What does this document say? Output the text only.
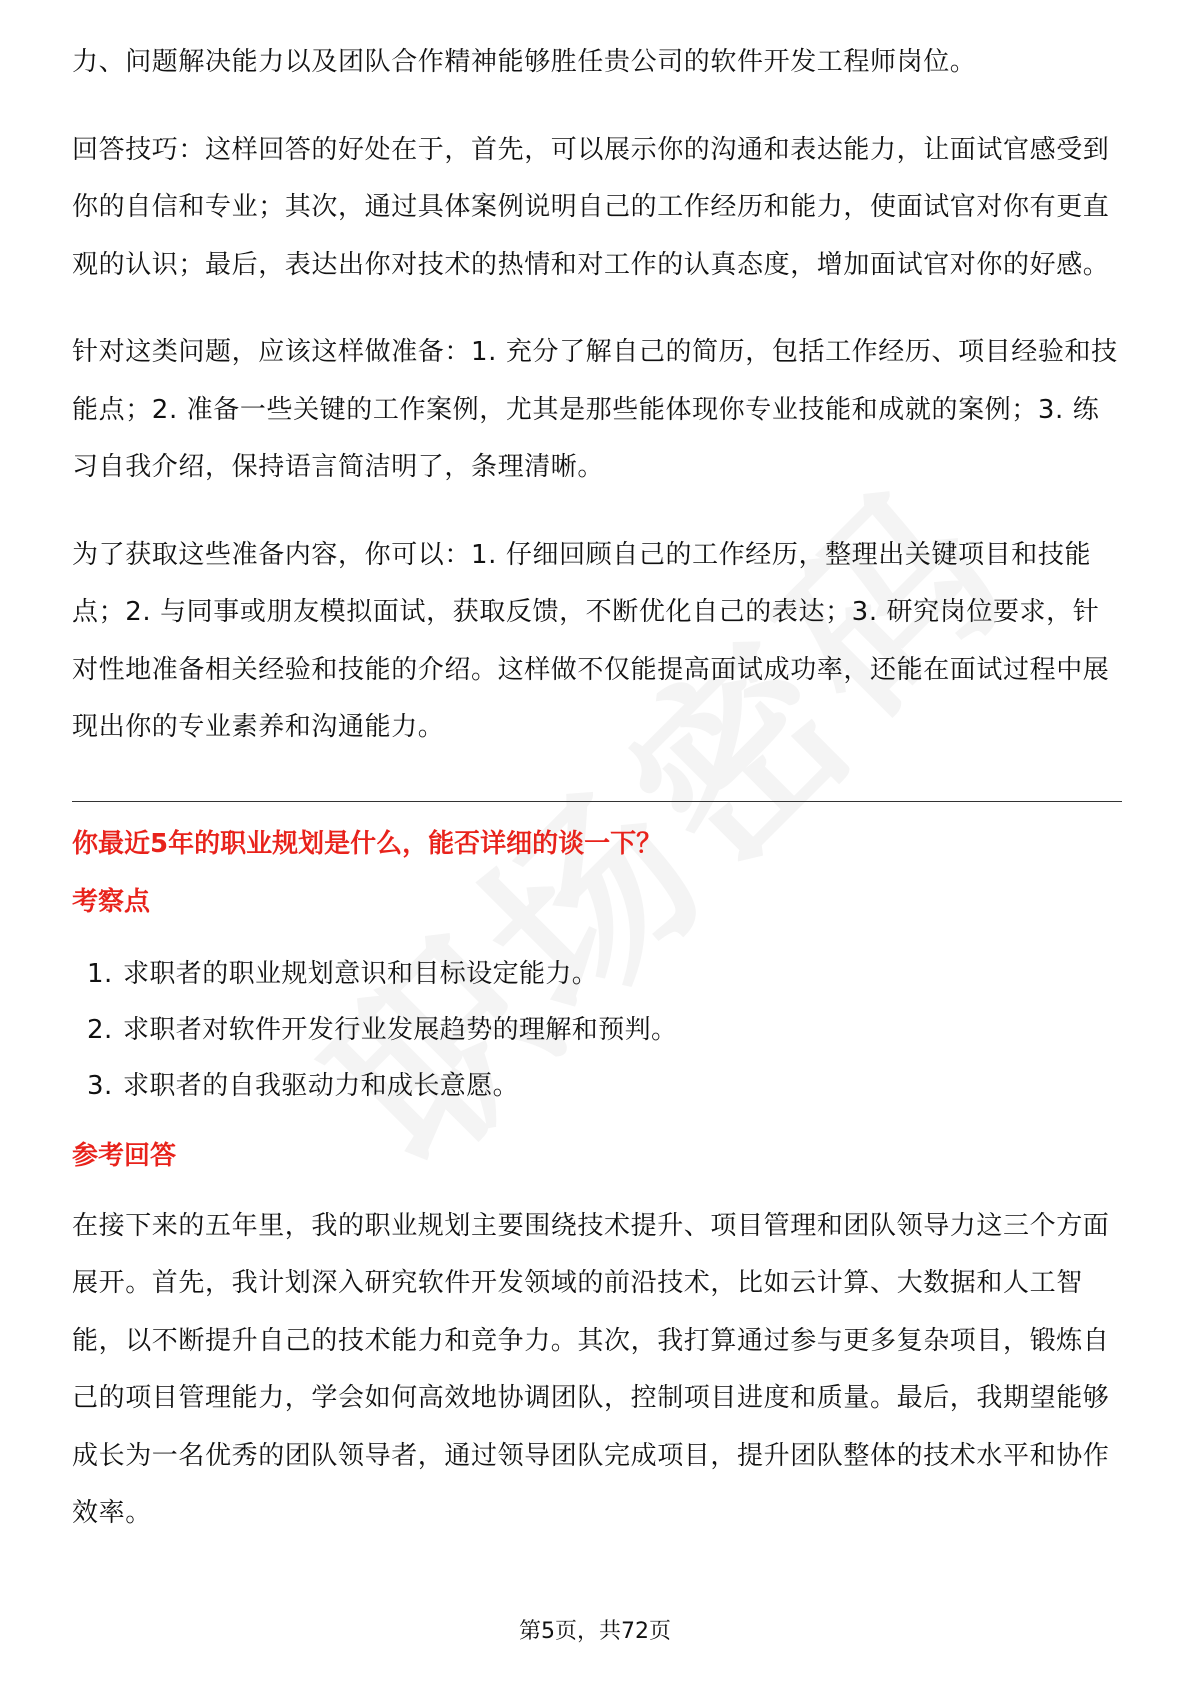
力、问题解决能力以及团队合作精神能够胜任贵公司的软件开发工程师岗位。

回答技巧：这样回答的好处在于，首先，可以展示你的沟通和表达能力，让面试官感受到你的自信和专业；其次，通过具体案例说明自己的工作经历和能力，使面试官对你有更直观的认识；最后，表达出你对技术的热情和对工作的认真态度，增加面试官对你的好感。

针对这类问题，应该这样做准备：1. 充分了解自己的简历，包括工作经历、项目经验和技能点；2. 准备一些关键的工作案例，尤其是那些能体现你专业技能和成就的案例；3. 练习自我介绍，保持语言简洁明了，条理清晰。

为了获取这些准备内容，你可以：1. 仔细回顾自己的工作经历，整理出关键项目和技能点；2. 与同事或朋友模拟面试，获取反馈，不断优化自己的表达；3. 研究岗位要求，针对性地准备相关经验和技能的介绍。这样做不仅能提高面试成功率，还能在面试过程中展现出你的专业素养和沟通能力。

你最近5年的职业规划是什么，能否详细的谈一下？
考察点
1. 求职者的职业规划意识和目标设定能力。
2. 求职者对软件开发行业发展趋势的理解和预判。
3. 求职者的自我驱动力和成长意愿。
参考回答

在接下来的五年里，我的职业规划主要围绕技术提升、项目管理和团队领导力这三个方面展开。首先，我计划深入研究软件开发领域的前沿技术，比如云计算、大数据和人工智能，以不断提升自己的技术能力和竞争力。其次，我打算通过参与更多复杂项目，锻炼自己的项目管理能力，学会如何高效地协调团队，控制项目进度和质量。最后，我期望能够成长为一名优秀的团队领导者，通过领导团队完成项目，提升团队整体的技术水平和协作效率。

第5页，共72页
